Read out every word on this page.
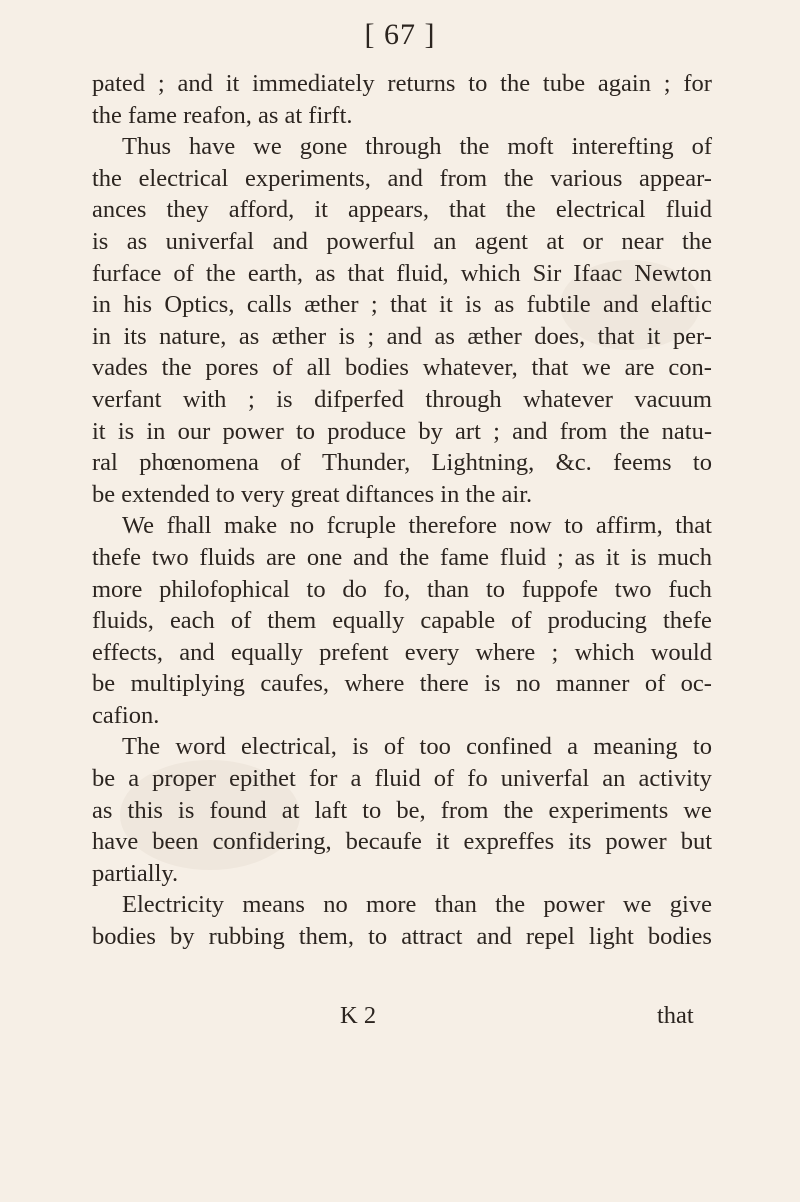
[ 67 ]
pated ; and it immediately returns to the tube again ; for
the fame reafon, as at firft.
Thus have we gone through the moft interefting of
the electrical experiments, and from the various appear-
ances they afford, it appears, that the electrical fluid
is as univerfal and powerful an agent at or near the
furface of the earth, as that fluid, which Sir Ifaac Newton
in his Optics, calls æther ; that it is as fubtile and elaftic
in its nature, as æther is ; and as æther does, that it per-
vades the pores of all bodies whatever, that we are con-
verfant with ; is difperfed through whatever vacuum
it is in our power to produce by art ; and from the natu-
ral phœnomena of Thunder, Lightning, &c. feems to
be extended to very great diftances in the air.
We fhall make no fcruple therefore now to affirm, that
thefe two fluids are one and the fame fluid ; as it is much
more philofophical to do fo, than to fuppofe two fuch
fluids, each of them equally capable of producing thefe
effects, and equally prefent every where ; which would
be multiplying caufes, where there is no manner of oc-
cafion.
The word electrical, is of too confined a meaning to
be a proper epithet for a fluid of fo univerfal an activity
as this is found at laft to be, from the experiments we
have been confidering, becaufe it expreffes its power but
partially.
Electricity means no more than the power we give
bodies by rubbing them, to attract and repel light bodies
K 2	that
